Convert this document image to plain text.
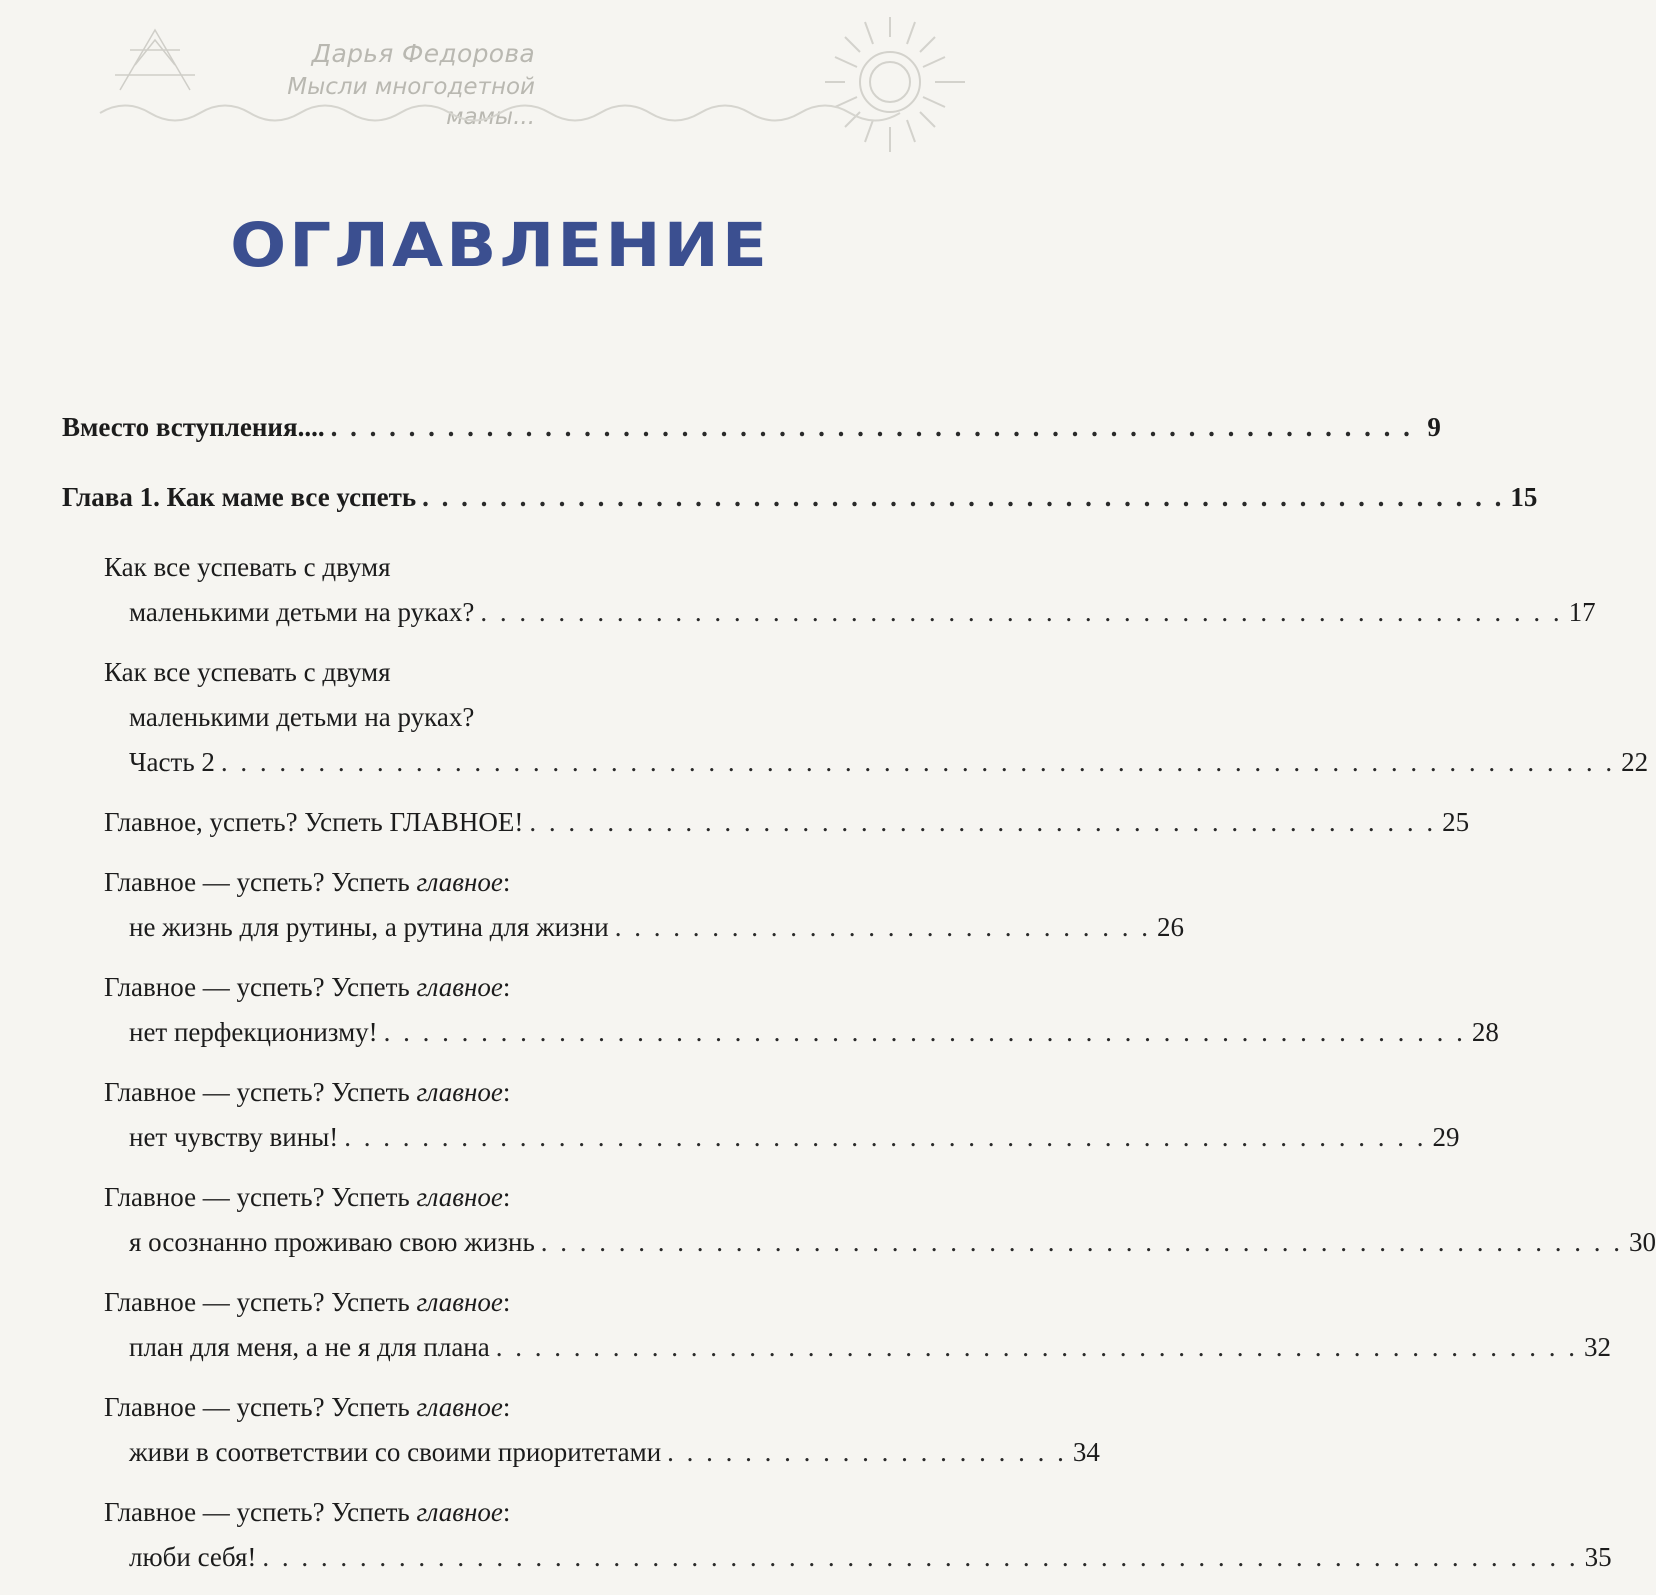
Дарья Федорова
Мысли многодетной мамы...
ОГЛАВЛЕНИЕ
Вместо вступления.... . . . . . . . . . . . . . . . . . . . . . . . . . . . . . . . . . . . . . . . . . . . . . . . . . . . . . . . . 9
Глава 1. Как маме все успеть . . . . . . . . . . . . . . . . . . . . . . . . . . . . . . . . . . . . . . . . . . . . . . . . . . . . . . . . 15
Как все успевать с двумя
маленькими детьми на руках? . . . . . . . . . . . . . . . . . . . . . . . . . . . . . . . . . . . . . . . . . . . . . . . . . . . . . . . . 17
Как все успевать с двумя
маленькими детьми на руках?
Часть 2 . . . . . . . . . . . . . . . . . . . . . . . . . . . . . . . . . . . . . . . . . . . . . . . . . . . . . . . . . . . . . . . . . . . . . . . . 22
Главное, успеть? Успеть ГЛАВНОЕ! . . . . . . . . . . . . . . . . . . . . . . . . . . . . . . . . . . . . . . . . . . . . . . . 25
Главное — успеть? Успеть главное:
не жизнь для рутины, а рутина для жизни . . . . . . . . . . . . . . . . . . . . . . . . . . . . 26
Главное — успеть? Успеть главное:
нет перфекционизму! . . . . . . . . . . . . . . . . . . . . . . . . . . . . . . . . . . . . . . . . . . . . . . . . . . . . . . . . 28
Главное — успеть? Успеть главное:
нет чувству вины! . . . . . . . . . . . . . . . . . . . . . . . . . . . . . . . . . . . . . . . . . . . . . . . . . . . . . . . . 29
Главное — успеть? Успеть главное:
я осознанно проживаю свою жизнь . . . . . . . . . . . . . . . . . . . . . . . . . . . . . . . . . . . . . . . . . . . . . . . . . . . . . . . . 30
Главное — успеть? Успеть главное:
план для меня, а не я для плана . . . . . . . . . . . . . . . . . . . . . . . . . . . . . . . . . . . . . . . . . . . . . . . . . . . . . . . . 32
Главное — успеть? Успеть главное:
живи в соответствии со своими приоритетами . . . . . . . . . . . . . . . . . . . . . 34
Главное — успеть? Успеть главное:
люби себя! . . . . . . . . . . . . . . . . . . . . . . . . . . . . . . . . . . . . . . . . . . . . . . . . . . . . . . . . . . . . . . . . . . . . 35
